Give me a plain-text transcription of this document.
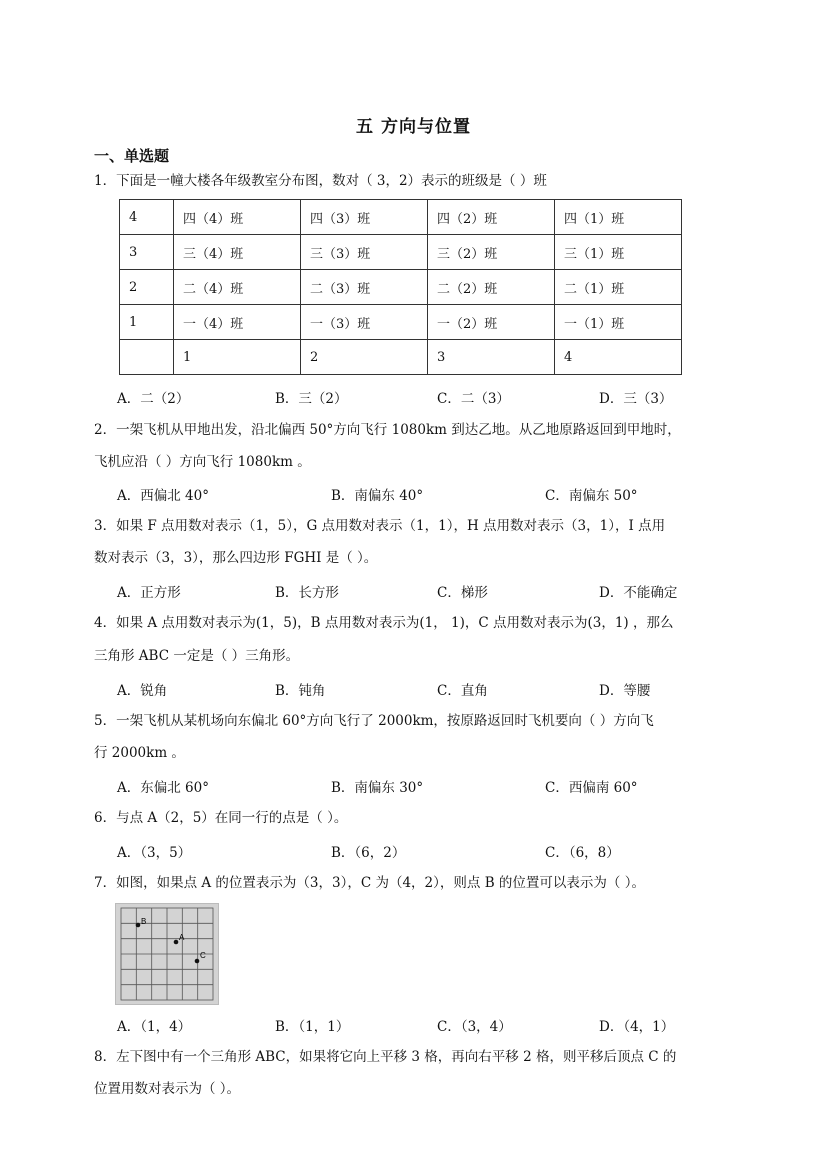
五 方向与位置
一、单选题
1．下面是一幢大楼各年级教室分布图，数对（ 3，2）表示的班级是（ ）班
4	四（4）班	四（3）班	四（2）班	四（1）班
3	三（4）班	三（3）班	三（2）班	三（1）班
2	二（4）班	二（3）班	二（2）班	二（1）班
1	一（4）班	一（3）班	一（2）班	一（1）班
	1	2	3	4
A．二（2）	B．三（2）	C．二（3）	D．三（3）
2．一架飞机从甲地出发，沿北偏西 50°方向飞行 1080km 到达乙地。从乙地原路返回到甲地时，
飞机应沿（ ）方向飞行 1080km 。
A．西偏北 40°	B．南偏东 40°	C．南偏东 50°
3．如果 F 点用数对表示（1，5），G 点用数对表示（1，1），H 点用数对表示（3，1），I 点用
数对表示（3，3），那么四边形 FGHI 是（ ）。
A．正方形	B．长方形	C．梯形	D．不能确定
4．如果 A 点用数对表示为(1，5)，B 点用数对表示为(1， 1)，C 点用数对表示为(3，1) ，那么
三角形 ABC 一定是（ ）三角形。
A．锐角	B．钝角	C．直角	D．等腰
5．一架飞机从某机场向东偏北 60°方向飞行了 2000km，按原路返回时飞机要向（ ）方向飞
行 2000km 。
A．东偏北 60°	B．南偏东 30°	C．西偏南 60°
6．与点 A（2，5）在同一行的点是（ ）。
A．（3，5）	B．（6，2）	C．（6，8）
7．如图，如果点 A 的位置表示为（3，3），C 为（4，2），则点 B 的位置可以表示为（ ）。
B
A
C
A．（1，4）	B．（1，1）	C．（3，4）	D．（4，1）
8．左下图中有一个三角形 ABC，如果将它向上平移 3 格，再向右平移 2 格，则平移后顶点 C 的
位置用数对表示为（ ）。
